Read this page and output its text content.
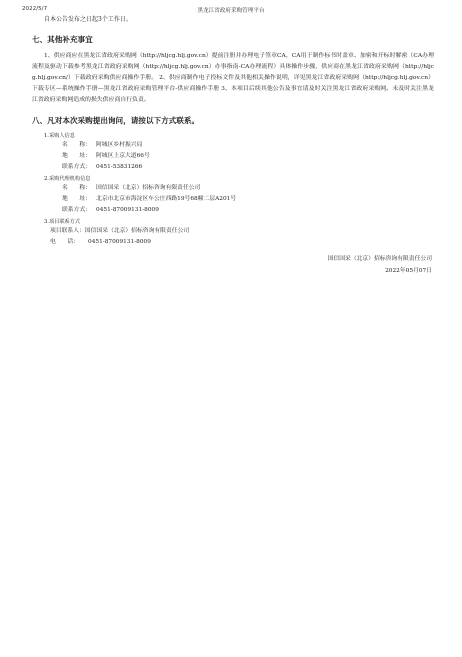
2022/5/7	黑龙江省政府采购管理平台
自本公告发布之日起3个工作日。
七、其他补充事宜

1、供应商应在黑龙江省政府采购网（http://hljcg.hlj.gov.cn）提前注册并办理电子签章CA，CA用于制作标书时盖章、加密和开标时解密（CA办理流程及驱动下载参考黑龙江省政府采购网（http://hljcg.hlj.gov.cn）办事指南-CA办理流程）具体操作步骤，供应商在黑龙江省政府采购网（http://hljcg.hlj.gov.cn/）下载政府采购供应商操作手册。 2、供应商制作电子投标文件及其他相关操作说明，详见黑龙江省政府采购网（http://hljcg.hlj.gov.cn）下载专区—系统操作手册—黑龙江省政府采购管理平台-供应商操作手册 3、本项目后续其他公告及事宜请及时关注黑龙江省政府采购网。未及时关注黑龙江省政府采购网造成的损失供应商自行负责。

八、凡对本次采购提出询问，请按以下方式联系。
1.采购人信息
名　　称： 阿城区乡村振兴局
地　　址： 阿城区上京大道66号
联系方式： 0451-53831266
2.采购代理机构信息
名　　称： 国信国采（北京）招标咨询有限责任公司
地　　址： 北京市北京市海淀区车公庄西路19号68幢二层A201号
联系方式： 0451-87009131-8009
3.项目联系方式
项目联系人：国信国采（北京）招标咨询有限责任公司
电　　话： 0451-87009131-8009
国信国采（北京）招标咨询有限责任公司
2022年05月07日
